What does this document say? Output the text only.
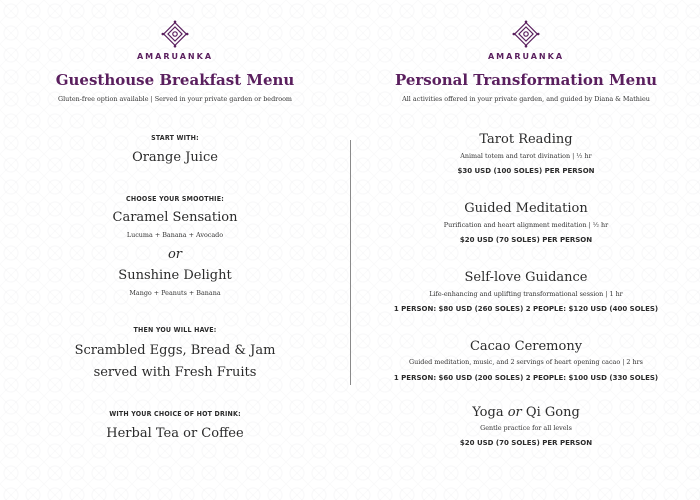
AMARUANKA
Guesthouse Breakfast Menu
Gluten-free option available | Served in your private garden or bedroom
START WITH:
Orange Juice
CHOOSE YOUR SMOOTHIE:
Caramel Sensation
Lucuma + Banana + Avocado
or
Sunshine Delight
Mango + Peanuts + Banana
THEN YOU WILL HAVE:
Scrambled Eggs, Bread & Jam
served with Fresh Fruits
WITH YOUR CHOICE OF HOT DRINK:
Herbal Tea or Coffee
AMARUANKA
Personal Transformation Menu
All activities offered in your private garden, and guided by Diana & Mathieu
Tarot Reading
Animal totem and tarot divination | ½ hr
$30 USD (100 SOLES) PER PERSON
Guided Meditation
Purification and heart alignment meditation | ½ hr
$20 USD (70 SOLES) PER PERSON
Self-love Guidance
Life-enhancing and uplifting transformational session | 1 hr
1 PERSON: $80 USD (260 SOLES) 2 PEOPLE: $120 USD (400 SOLES)
Cacao Ceremony
Guided meditation, music, and 2 servings of heart opening cacao | 2 hrs
1 PERSON: $60 USD (200 SOLES) 2 PEOPLE: $100 USD (330 SOLES)
Yoga or Qi Gong
Gentle practice for all levels
$20 USD (70 SOLES) PER PERSON
